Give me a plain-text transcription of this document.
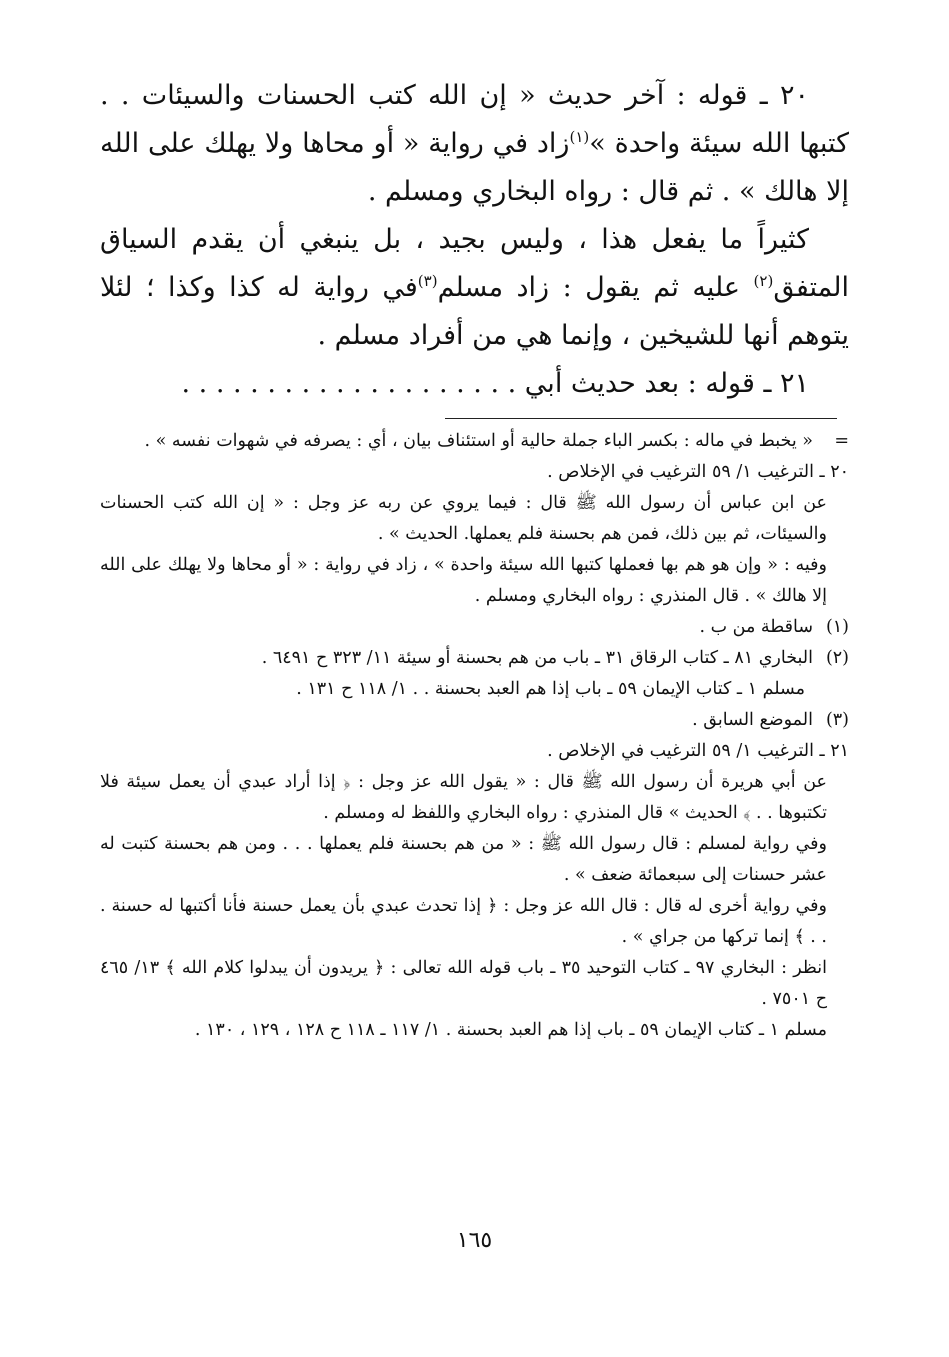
٢٠ ـ قوله : آخر حديث « إن الله كتب الحسنات والسيئات . . كتبها الله سيئة واحدة »$^{(١)}$زاد في رواية « أو محاها ولا يهلك على الله إلا هالك » . ثم قال : رواه البخاري ومسلم .

كثيراً ما يفعل هذا ، وليس بجيد ، بل ينبغي أن يقدم السياق المتفق$^{(٢)}$ عليه ثم يقول : زاد مسلم$^{(٣)}$في رواية له كذا وكذا ؛ لئلا يتوهم أنها للشيخين ، وإنما هي من أفراد مسلم .

٢١ ـ قوله : بعد حديث أبي . . . . . . . . . . . . . . . . . . . .

=« يخبط في ماله : بكسر الباء جملة حالية أو استئناف بيان ، أي : يصرفه في شهوات نفسه » .

٢٠ ـ الترغيب ١/ ٥٩ الترغيب في الإخلاص .

عن ابن عباس أن رسول الله ﷺ قال : فيما يروي عن ربه عز وجل : « إن الله كتب الحسنات والسيئات، ثم بين ذلك، فمن هم بحسنة فلم يعملها. الحديث » .

وفيه : « وإن هو هم بها فعملها كتبها الله سيئة واحدة » ، زاد في رواية : « أو محاها ولا يهلك على الله إلا هالك » . قال المنذري : رواه البخاري ومسلم .

(١)ساقطة من ب .

(٢)البخاري ٨١ ـ كتاب الرقاق ٣١ ـ باب من هم بحسنة أو سيئة ١١/ ٣٢٣ ح ٦٤٩١ .

مسلم ١ ـ كتاب الإيمان ٥٩ ـ باب إذا هم العبد بحسنة . . ١/ ١١٨ ح ١٣١ .

(٣)الموضع السابق .

٢١ ـ الترغيب ١/ ٥٩ الترغيب في الإخلاص .

عن أبي هريرة أن رسول الله ﷺ قال : « يقول الله عز وجل : ﴿ إذا أراد عبدي أن يعمل سيئة فلا تكتبوها . . ﴾ الحديث » قال المنذري : رواه البخاري واللفظ له ومسلم .

وفي رواية لمسلم : قال رسول الله ﷺ : « من هم بحسنة فلم يعملها . . . ومن هم بحسنة كتبت له عشر حسنات إلى سبعمائة ضعف » .

وفي رواية أخرى له قال : قال الله عز وجل : ﴿ إذا تحدث عبدي بأن يعمل حسنة فأنا أكتبها له حسنة . . . ﴾ إنما تركها من جراي » .

انظر : البخاري ٩٧ ـ كتاب التوحيد ٣٥ ـ باب قوله الله تعالى : ﴿ يريدون أن يبدلوا كلام الله ﴾ ١٣/ ٤٦٥ ح ٧٥٠١ .

مسلم ١ ـ كتاب الإيمان ٥٩ ـ باب إذا هم العبد بحسنة . ١/ ١١٧ ـ ١١٨ ح ١٢٨ ، ١٢٩ ، ١٣٠ .

١٦٥
